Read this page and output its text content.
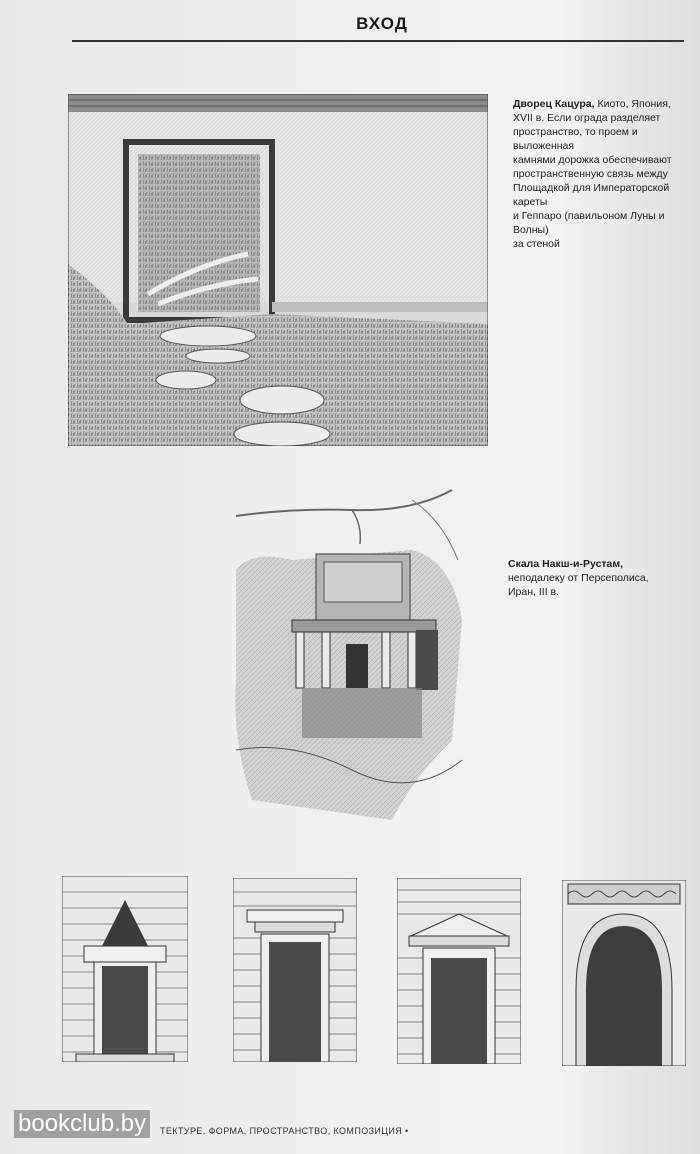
ВХОД
Дворец Кацура, Киото, Япония,
XVII в. Если ограда разделяет
пространство, то проем и выложенная
камнями дорожка обеспечивают
пространственную связь между
Площадкой для Императорской кареты
и Геппаро (павильоном Луны и Волны)
за стеной
Скала Накш-и-Рустам,
неподалеку от Персеполиса,
Иран, III в.
bookclub.by	ТЕКТУРЕ. ФОРМА, ПРОСТРАНСТВО, КОМПОЗИЦИЯ •
